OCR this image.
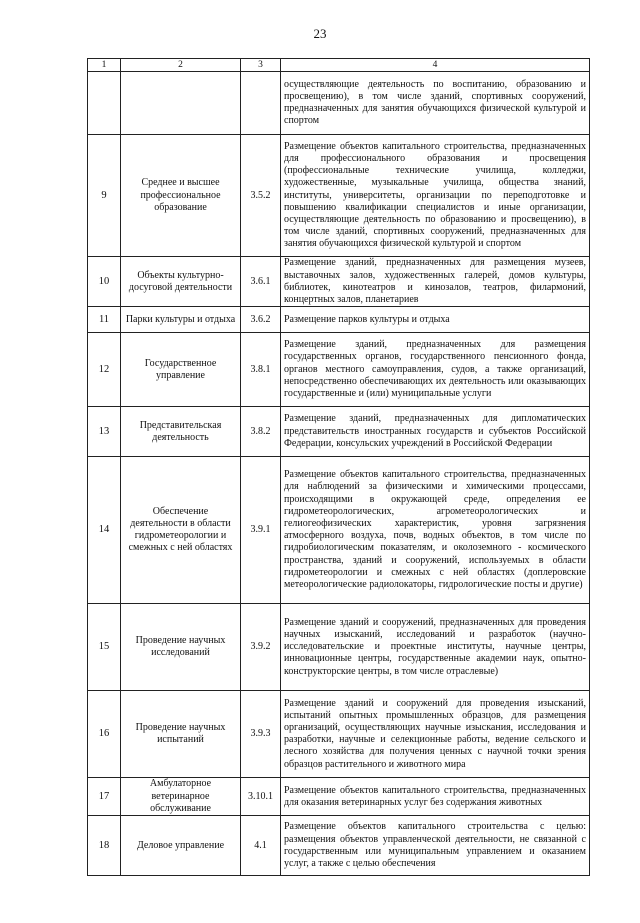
23
1	2	3	4
			осуществляющие деятельность по воспитанию, образованию и просвещению), в том числе зданий, спортивных сооружений, предназначенных для занятия обучающихся физической культурой и спортом
9	Среднее и высшее профессиональное образование	3.5.2	Размещение объектов капитального строительства, предназначенных для профессионального образования и просвещения (профессиональные технические училища, колледжи, художественные, музыкальные училища, общества знаний, институты, университеты, организации по переподготовке и повышению квалификации специалистов и иные организации, осуществляющие деятельность по образованию и просвещению), в том числе зданий, спортивных сооружений, предназначенных для занятия обучающихся физической культурой и спортом
10	Объекты культурно-досуговой деятельности	3.6.1	Размещение зданий, предназначенных для размещения музеев, выставочных залов, художественных галерей, домов культуры, библиотек, кинотеатров и кинозалов, театров, филармоний, концертных залов, планетариев
11	Парки культуры и отдыха	3.6.2	Размещение парков культуры и отдыха
12	Государственное управление	3.8.1	Размещение зданий, предназначенных для размещения государственных органов, государственного пенсионного фонда, органов местного самоуправления, судов, а также организаций, непосредственно обеспечивающих их деятельность или оказывающих государственные и (или) муниципальные услуги
13	Представительская деятельность	3.8.2	Размещение зданий, предназначенных для дипломатических представительств иностранных государств и субъектов Российской Федерации, консульских учреждений в Российской Федерации
14	Обеспечение деятельности в области гидрометеорологии и смежных с ней областях	3.9.1	Размещение объектов капитального строительства, предназначенных для наблюдений за физическими и химическими процессами, происходящими в окружающей среде, определения ее гидрометеорологических, агрометеорологических и гелиогеофизических характеристик, уровня загрязнения атмосферного воздуха, почв, водных объектов, в том числе по гидробиологическим показателям, и околоземного - космического пространства, зданий и сооружений, используемых в области гидрометеорологии и смежных с ней областях (доплеровские метеорологические радиолокаторы, гидрологические посты и другие)
15	Проведение научных исследований	3.9.2	Размещение зданий и сооружений, предназначенных для проведения научных изысканий, исследований и разработок (научно-исследовательские и проектные институты, научные центры, инновационные центры, государственные академии наук, опытно-конструкторские центры, в том числе отраслевые)
16	Проведение научных испытаний	3.9.3	Размещение зданий и сооружений для проведения изысканий, испытаний опытных промышленных образцов, для размещения организаций, осуществляющих научные изыскания, исследования и разработки, научные и селекционные работы, ведение сельского и лесного хозяйства для получения ценных с научной точки зрения образцов растительного и животного мира
17	Амбулаторное ветеринарное обслуживание	3.10.1	Размещение объектов капитального строительства, предназначенных для оказания ветеринарных услуг без содержания животных
18	Деловое управление	4.1	Размещение объектов капитального строительства с целью: размещения объектов управленческой деятельности, не связанной с государственным или муниципальным управлением и оказанием услуг, а также с целью обеспечения
